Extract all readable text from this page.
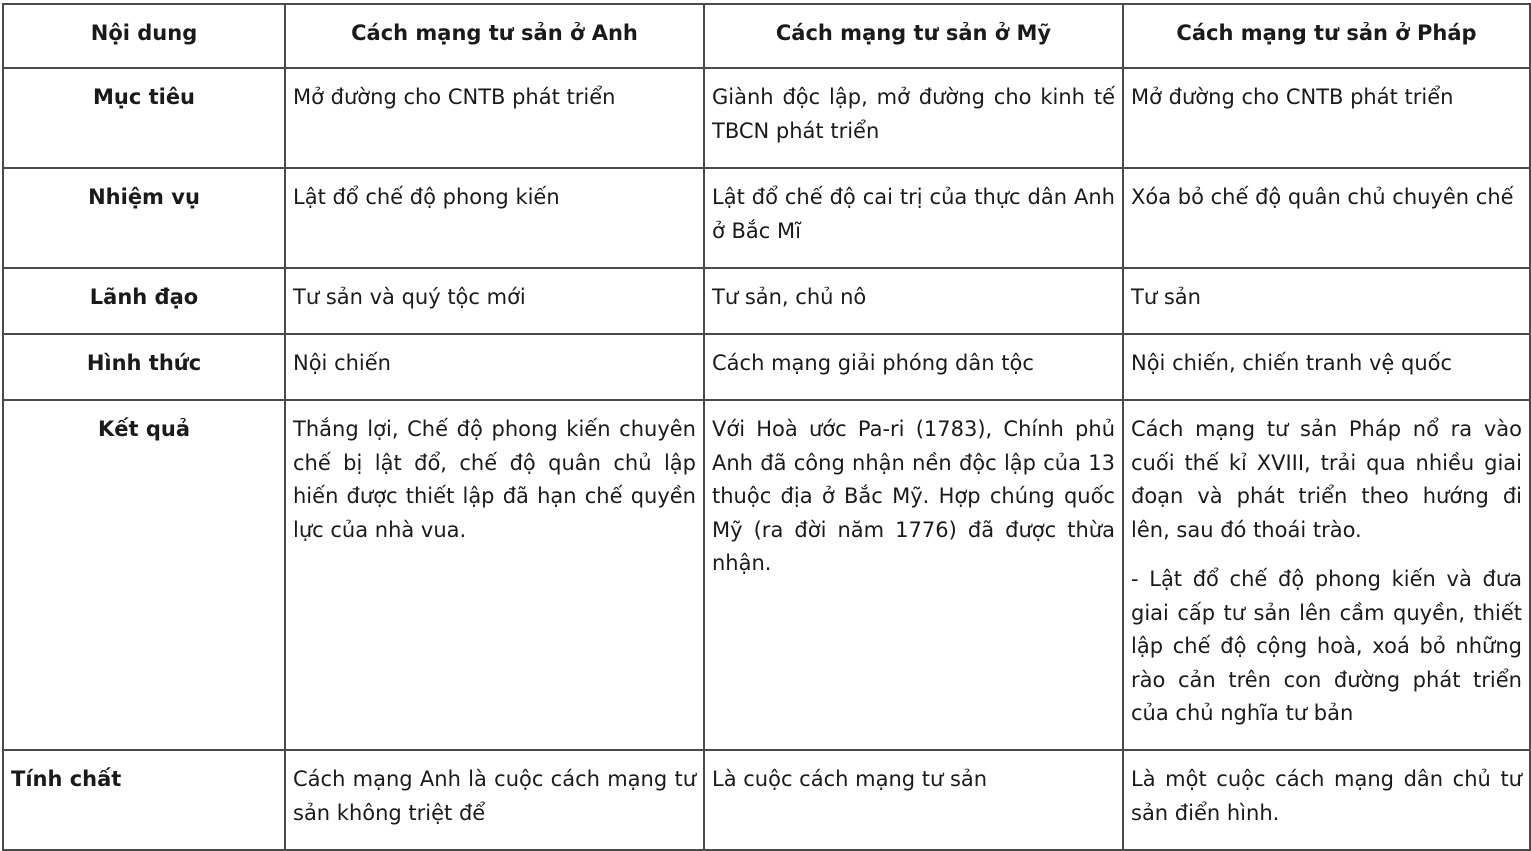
Nội dung	Cách mạng tư sản ở Anh	Cách mạng tư sản ở Mỹ	Cách mạng tư sản ở Pháp
Mục tiêu	Mở đường cho CNTB phát triển	Giành độc lập, mở đường cho kinh tế TBCN phát triển	Mở đường cho CNTB phát triển
Nhiệm vụ	Lật đổ chế độ phong kiến	Lật đổ chế độ cai trị của thực dân Anh ở Bắc Mĩ	Xóa bỏ chế độ quân chủ chuyên chế
Lãnh đạo	Tư sản và quý tộc mới	Tư sản, chủ nô	Tư sản
Hình thức	Nội chiến	Cách mạng giải phóng dân tộc	Nội chiến, chiến tranh vệ quốc
Kết quả	Thắng lợi, Chế độ phong kiến chuyên chế bị lật đổ, chế độ quân chủ lập hiến được thiết lập đã hạn chế quyền lực của nhà vua.	Với Hoà ước Pa-ri (1783), Chính phủ Anh đã công nhận nền độc lập của 13 thuộc địa ở Bắc Mỹ. Hợp chúng quốc Mỹ (ra đời năm 1776) đã được thừa nhận.	Cách mạng tư sản Pháp nổ ra vào cuối thế kỉ XVIII, trải qua nhiều giai đoạn và phát triển theo hướng đi lên, sau đó thoái trào.

- Lật đổ chế độ phong kiến và đưa giai cấp tư sản lên cầm quyền, thiết lập chế độ cộng hoà, xoá bỏ những rào cản trên con đường phát triển của chủ nghĩa tư bản

Tính chất	Cách mạng Anh là cuộc cách mạng tư sản không triệt để	Là cuộc cách mạng tư sản	Là một cuộc cách mạng dân chủ tư sản điển hình.
